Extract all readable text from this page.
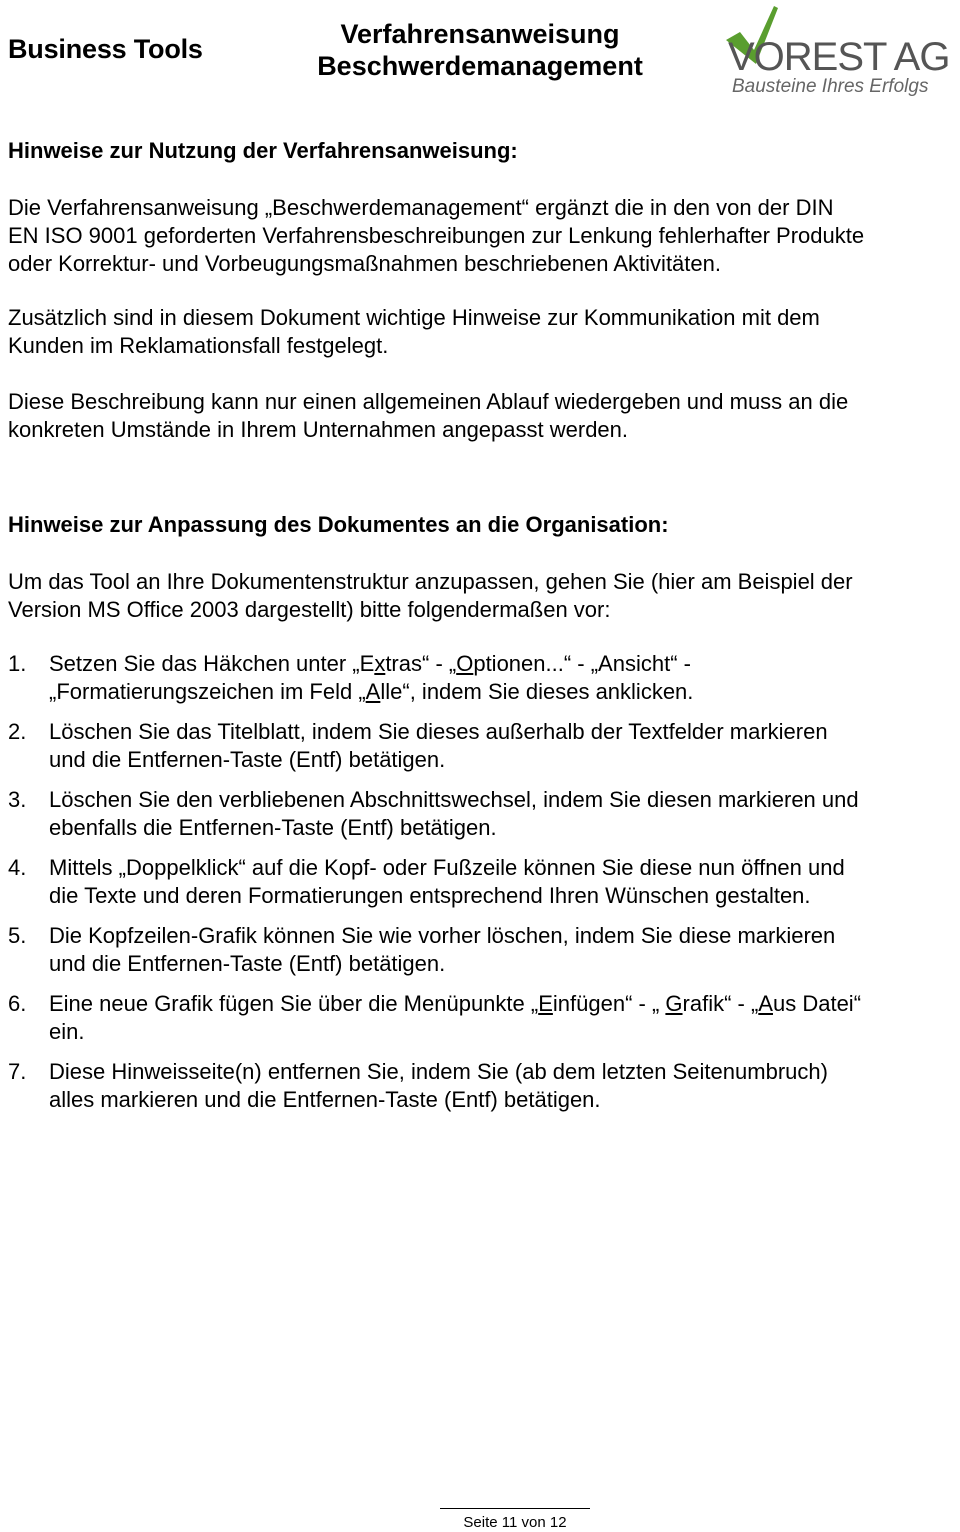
Business Tools	Verfahrensanweisung
Beschwerdemanagement	VOREST AG
Bausteine Ihres Erfolgs
Hinweise zur Nutzung der Verfahrensanweisung:

Die Verfahrensanweisung „Beschwerdemanagement“ ergänzt die in den von der DIN
EN ISO 9001 geforderten Verfahrensbeschreibungen zur Lenkung fehlerhafter Produkte
oder Korrektur- und Vorbeugungsmaßnahmen beschriebenen Aktivitäten.

Zusätzlich sind in diesem Dokument wichtige Hinweise zur Kommunikation mit dem
Kunden im Reklamationsfall festgelegt.

Diese Beschreibung kann nur einen allgemeinen Ablauf wiedergeben und muss an die
konkreten Umstände in Ihrem Unternahmen angepasst werden.

Hinweise zur Anpassung des Dokumentes an die Organisation:

Um das Tool an Ihre Dokumentenstruktur anzupassen, gehen Sie (hier am Beispiel der
Version MS Office 2003 dargestellt) bitte folgendermaßen vor:

1. Setzen Sie das Häkchen unter „Extras“ - „Optionen...“ - „Ansicht“ -
„Formatierungszeichen im Feld „Alle“, indem Sie dieses anklicken.
2. Löschen Sie das Titelblatt, indem Sie dieses außerhalb der Textfelder markieren
und die Entfernen-Taste (Entf) betätigen.
3. Löschen Sie den verbliebenen Abschnittswechsel, indem Sie diesen markieren und
ebenfalls die Entfernen-Taste (Entf) betätigen.
4. Mittels „Doppelklick“ auf die Kopf- oder Fußzeile können Sie diese nun öffnen und
die Texte und deren Formatierungen entsprechend Ihren Wünschen gestalten.
5. Die Kopfzeilen-Grafik können Sie wie vorher löschen, indem Sie diese markieren
und die Entfernen-Taste (Entf) betätigen.
6. Eine neue Grafik fügen Sie über die Menüpunkte „Einfügen“ - „ Grafik“ - „Aus Datei“
ein.
7. Diese Hinweisseite(n) entfernen Sie, indem Sie (ab dem letzten Seitenumbruch)
alles markieren und die Entfernen-Taste (Entf) betätigen.
Seite 11 von 12
